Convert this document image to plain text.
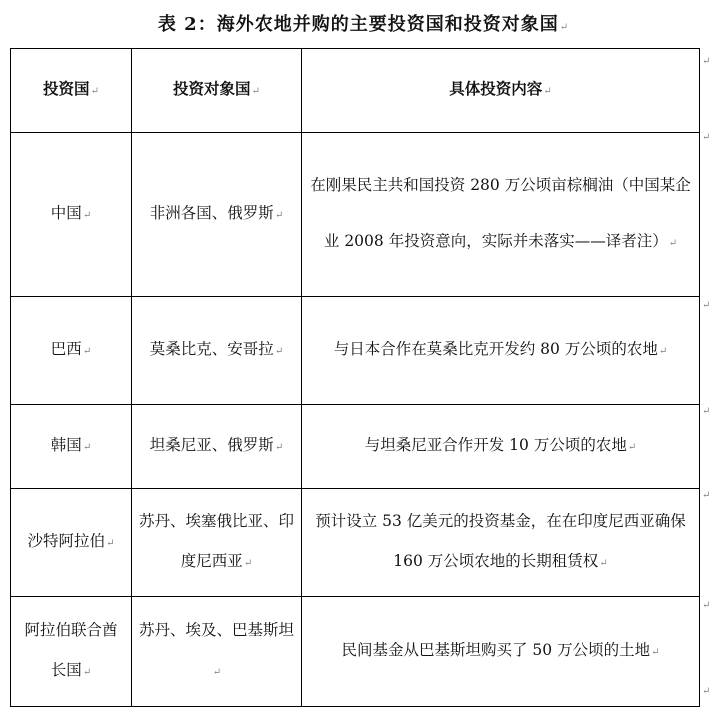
表 2：海外农地并购的主要投资国和投资对象国↵
投资国↵	投资对象国↵	具体投资内容↵
中国↵	非洲各国、俄罗斯↵	在刚果民主共和国投资 280 万公顷亩棕榈油（中国某企业 2008 年投资意向，实际并未落实——译者注）↵
巴西↵	莫桑比克、安哥拉↵	与日本合作在莫桑比克开发约 80 万公顷的农地↵
韩国↵	坦桑尼亚、俄罗斯↵	与坦桑尼亚合作开发 10 万公顷的农地↵
沙特阿拉伯↵	苏丹、埃塞俄比亚、印度尼西亚↵	预计设立 53 亿美元的投资基金，在在印度尼西亚确保 160 万公顷农地的长期租赁权↵
阿拉伯联合酋长国↵	苏丹、埃及、巴基斯坦↵	民间基金从巴基斯坦购买了 50 万公顷的土地↵
↵
↵
↵
↵
↵
↵
↵
